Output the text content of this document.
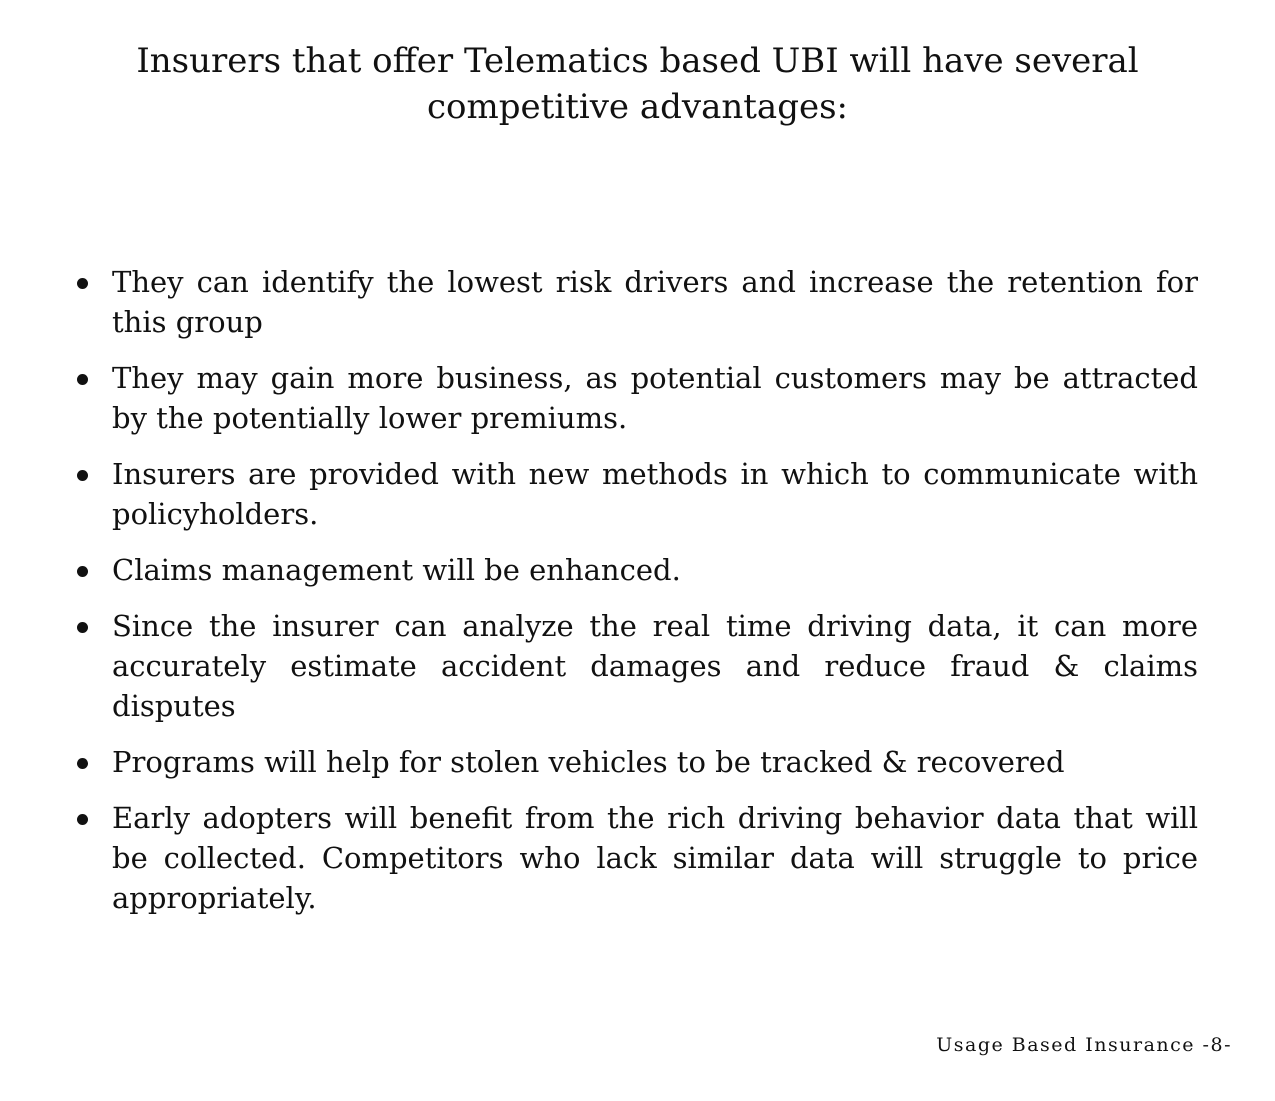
Insurers that offer Telematics based UBI will have several competitive advantages:
They can identify the lowest risk drivers and increase the retention for this group
They may gain more business, as potential customers may be attracted by the potentially lower premiums.
Insurers are provided with new methods in which to communicate with policyholders.
Claims management will be enhanced.
Since the insurer can analyze the real time driving data, it can more accurately estimate accident damages and reduce fraud & claims disputes
Programs will help for stolen vehicles to be tracked & recovered
Early adopters will benefit from the rich driving behavior data that will be collected. Competitors who lack similar data will struggle to price appropriately.
Usage Based Insurance -8-
